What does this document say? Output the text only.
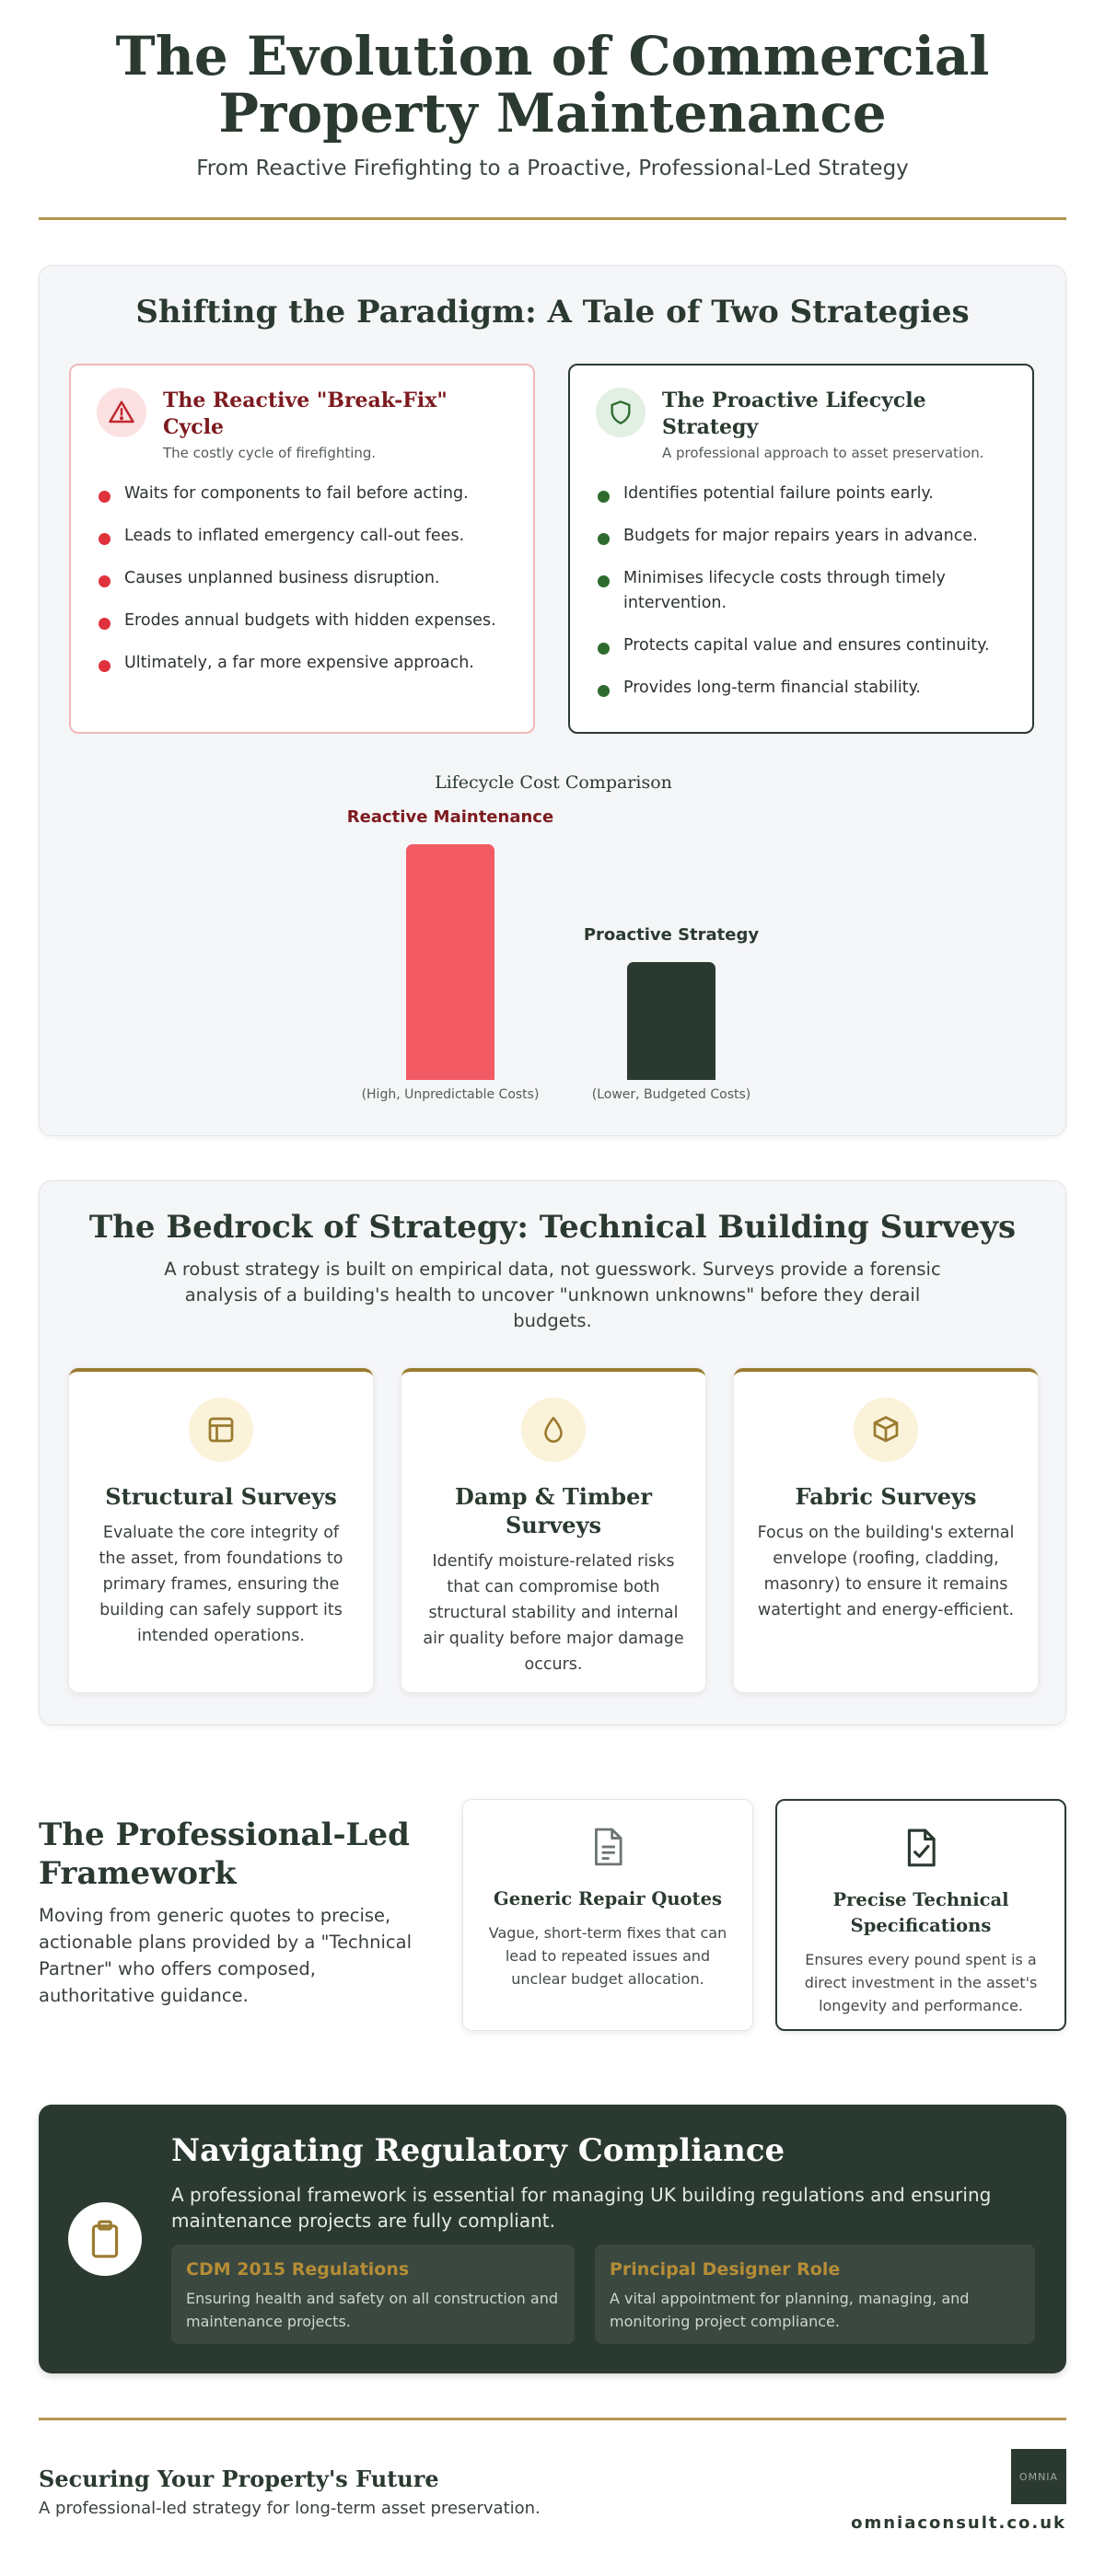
The Evolution of Commercial Property Maintenance

From Reactive Firefighting to a Proactive, Professional-Led Strategy

Shifting the Paradigm: A Tale of Two Strategies
The Reactive "Break-Fix" Cycle

The costly cycle of firefighting.

Waits for components to fail before acting.
Leads to inflated emergency call-out fees.
Causes unplanned business disruption.
Erodes annual budgets with hidden expenses.
Ultimately, a far more expensive approach.
The Proactive Lifecycle Strategy

A professional approach to asset preservation.

Identifies potential failure points early.
Budgets for major repairs years in advance.
Minimises lifecycle costs through timely intervention.
Protects capital value and ensures continuity.
Provides long-term financial stability.
Lifecycle Cost Comparison
Reactive Maintenance
(High, Unpredictable Costs)
Proactive Strategy
(Lower, Budgeted Costs)
The Bedrock of Strategy: Technical Building Surveys

A robust strategy is built on empirical data, not guesswork. Surveys provide a forensic analysis of a building's health to uncover "unknown unknowns" before they derail budgets.

Structural Surveys

Evaluate the core integrity of the asset, from foundations to primary frames, ensuring the building can safely support its intended operations.

Damp & Timber Surveys

Identify moisture-related risks that can compromise both structural stability and internal air quality before major damage occurs.

Fabric Surveys

Focus on the building's external envelope (roofing, cladding, masonry) to ensure it remains watertight and energy-efficient.

The Professional-Led Framework

Moving from generic quotes to precise, actionable plans provided by a "Technical Partner" who offers composed, authoritative guidance.

Generic Repair Quotes

Vague, short-term fixes that can lead to repeated issues and unclear budget allocation.

Precise Technical Specifications

Ensures every pound spent is a direct investment in the asset's longevity and performance.

Navigating Regulatory Compliance

A professional framework is essential for managing UK building regulations and ensuring maintenance projects are fully compliant.

CDM 2015 Regulations
Ensuring health and safety on all construction and maintenance projects.
Principal Designer Role
A vital appointment for planning, managing, and monitoring project compliance.
Securing Your Property's Future

A professional-led strategy for long-term asset preservation.

OMNIA
omniaconsult.co.uk
